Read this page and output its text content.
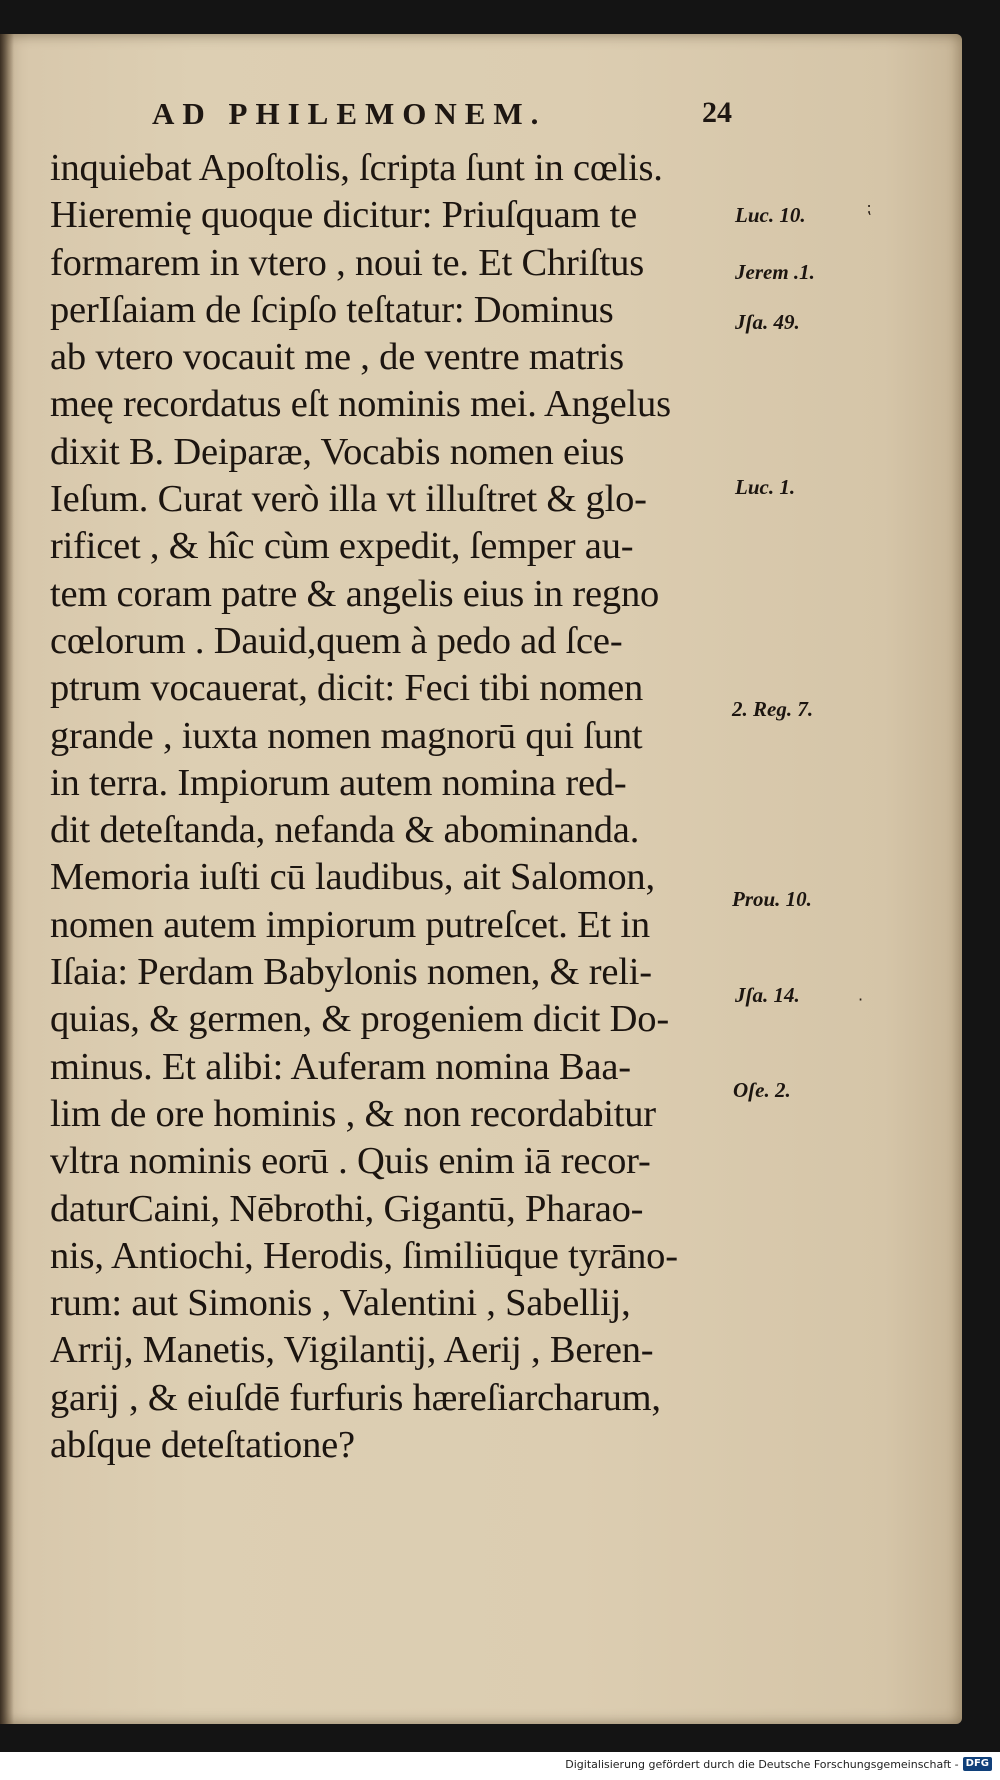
AD PHILEMONEM.	24
inquiebat Apoſtolis, ſcripta ſunt in cœlis.
Hieremię quoque dicitur: Priuſquam te
formarem in vtero , noui te. Et Chriſtus
perIſaiam de ſcipſo teſtatur: Dominus
ab vtero vocauit me , de ventre matris
meę recordatus eſt nominis mei. Angelus
dixit B. Deiparæ, Vocabis nomen eius
Ieſum. Curat verò illa vt illuſtret & glo-
rificet , & hîc cùm expedit, ſemper au-
tem coram patre & angelis eius in regno
cœlorum . Dauid,quem à pedo ad ſce-
ptrum vocauerat, dicit: Feci tibi nomen
grande , iuxta nomen magnorū qui ſunt
in terra. Impiorum autem nomina red-
dit deteſtanda, nefanda & abominanda.
Memoria iuſti cū laudibus, ait Salomon,
nomen autem impiorum putreſcet. Et in
Iſaia: Perdam Babylonis nomen, & reli-
quias, & germen, & progeniem dicit Do-
minus. Et alibi: Auferam nomina Baa-
lim de ore hominis , & non recordabitur
vltra nominis eorū . Quis enim iā recor-
daturCaini, Nēbrothi, Gigantū, Pharao-
nis, Antiochi, Herodis, ſimiliūque tyrāno-
rum: aut Simonis , Valentini , Sabellij,
Arrij, Manetis, Vigilantij, Aerij , Beren-
garij , & eiuſdē furfuris hæreſiarcharum,
abſque deteſtatione?
Luc. 10.
Jerem .1.
Jſa. 49.
Luc. 1.
2. Reg. 7.
Prou. 10.
Jſa. 14.
Oſe. 2.
⁏
·
Digitalisierung gefördert durch die Deutsche Forschungsgemeinschaft - DFG
